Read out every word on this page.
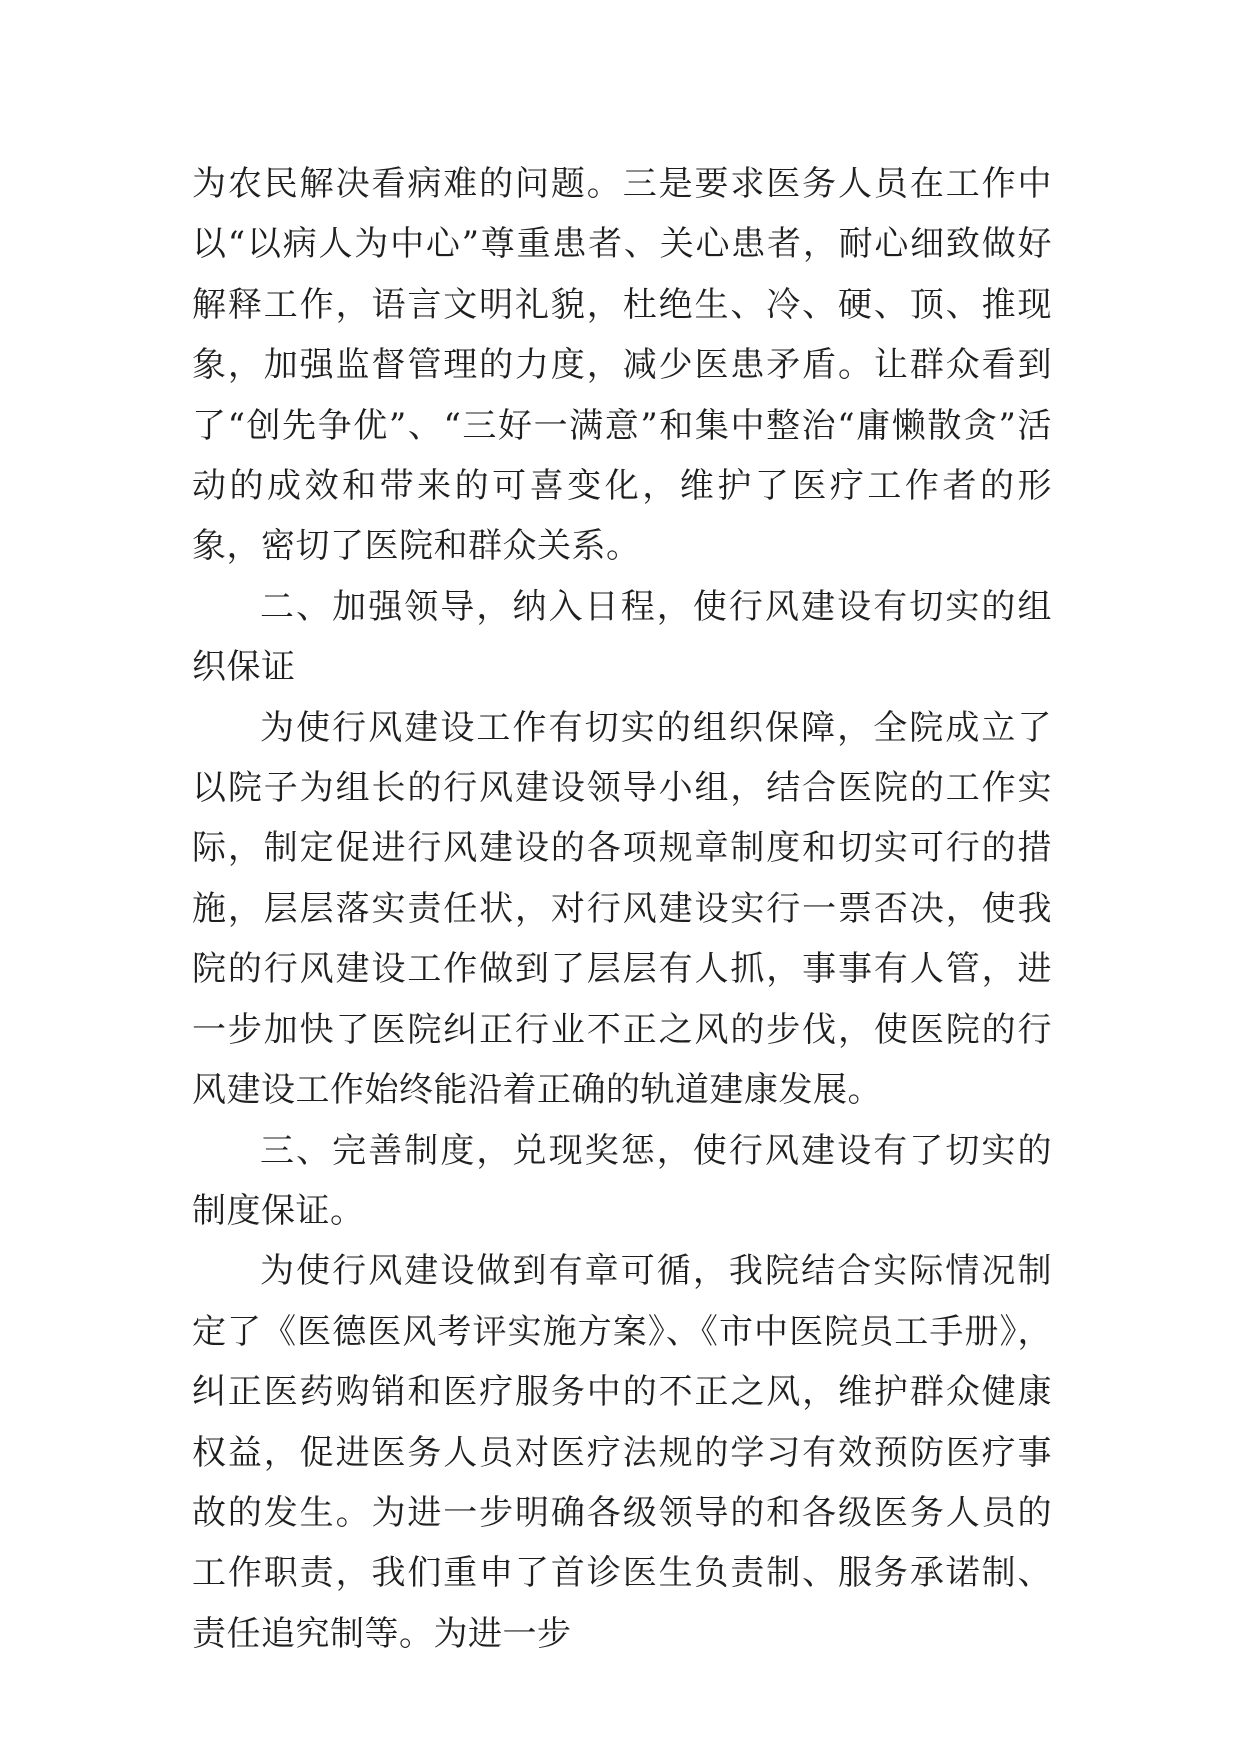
为农民解决看病难的问题。三是要求医务人员在工作中以“以病人为中心”尊重患者、关心患者，耐心细致做好解释工作，语言文明礼貌，杜绝生、冷、硬、顶、推现象，加强监督管理的力度，减少医患矛盾。让群众看到了“创先争优”、“三好一满意”和集中整治“庸懒散贪”活动的成效和带来的可喜变化，维护了医疗工作者的形象，密切了医院和群众关系。

二、加强领导，纳入日程，使行风建设有切实的组织保证

为使行风建设工作有切实的组织保障，全院成立了以院子为组长的行风建设领导小组，结合医院的工作实际，制定促进行风建设的各项规章制度和切实可行的措施，层层落实责任状，对行风建设实行一票否决，使我院的行风建设工作做到了层层有人抓，事事有人管，进一步加快了医院纠正行业不正之风的步伐，使医院的行风建设工作始终能沿着正确的轨道建康发展。

三、完善制度，兑现奖惩，使行风建设有了切实的制度保证。

为使行风建设做到有章可循，我院结合实际情况制定了《医德医风考评实施方案》、《市中医院员工手册》，纠正医药购销和医疗服务中的不正之风，维护群众健康权益，促进医务人员对医疗法规的学习有效预防医疗事故的发生。为进一步明确各级领导的和各级医务人员的工作职责，我们重申了首诊医生负责制、服务承诺制、责任追究制等。为进一步
